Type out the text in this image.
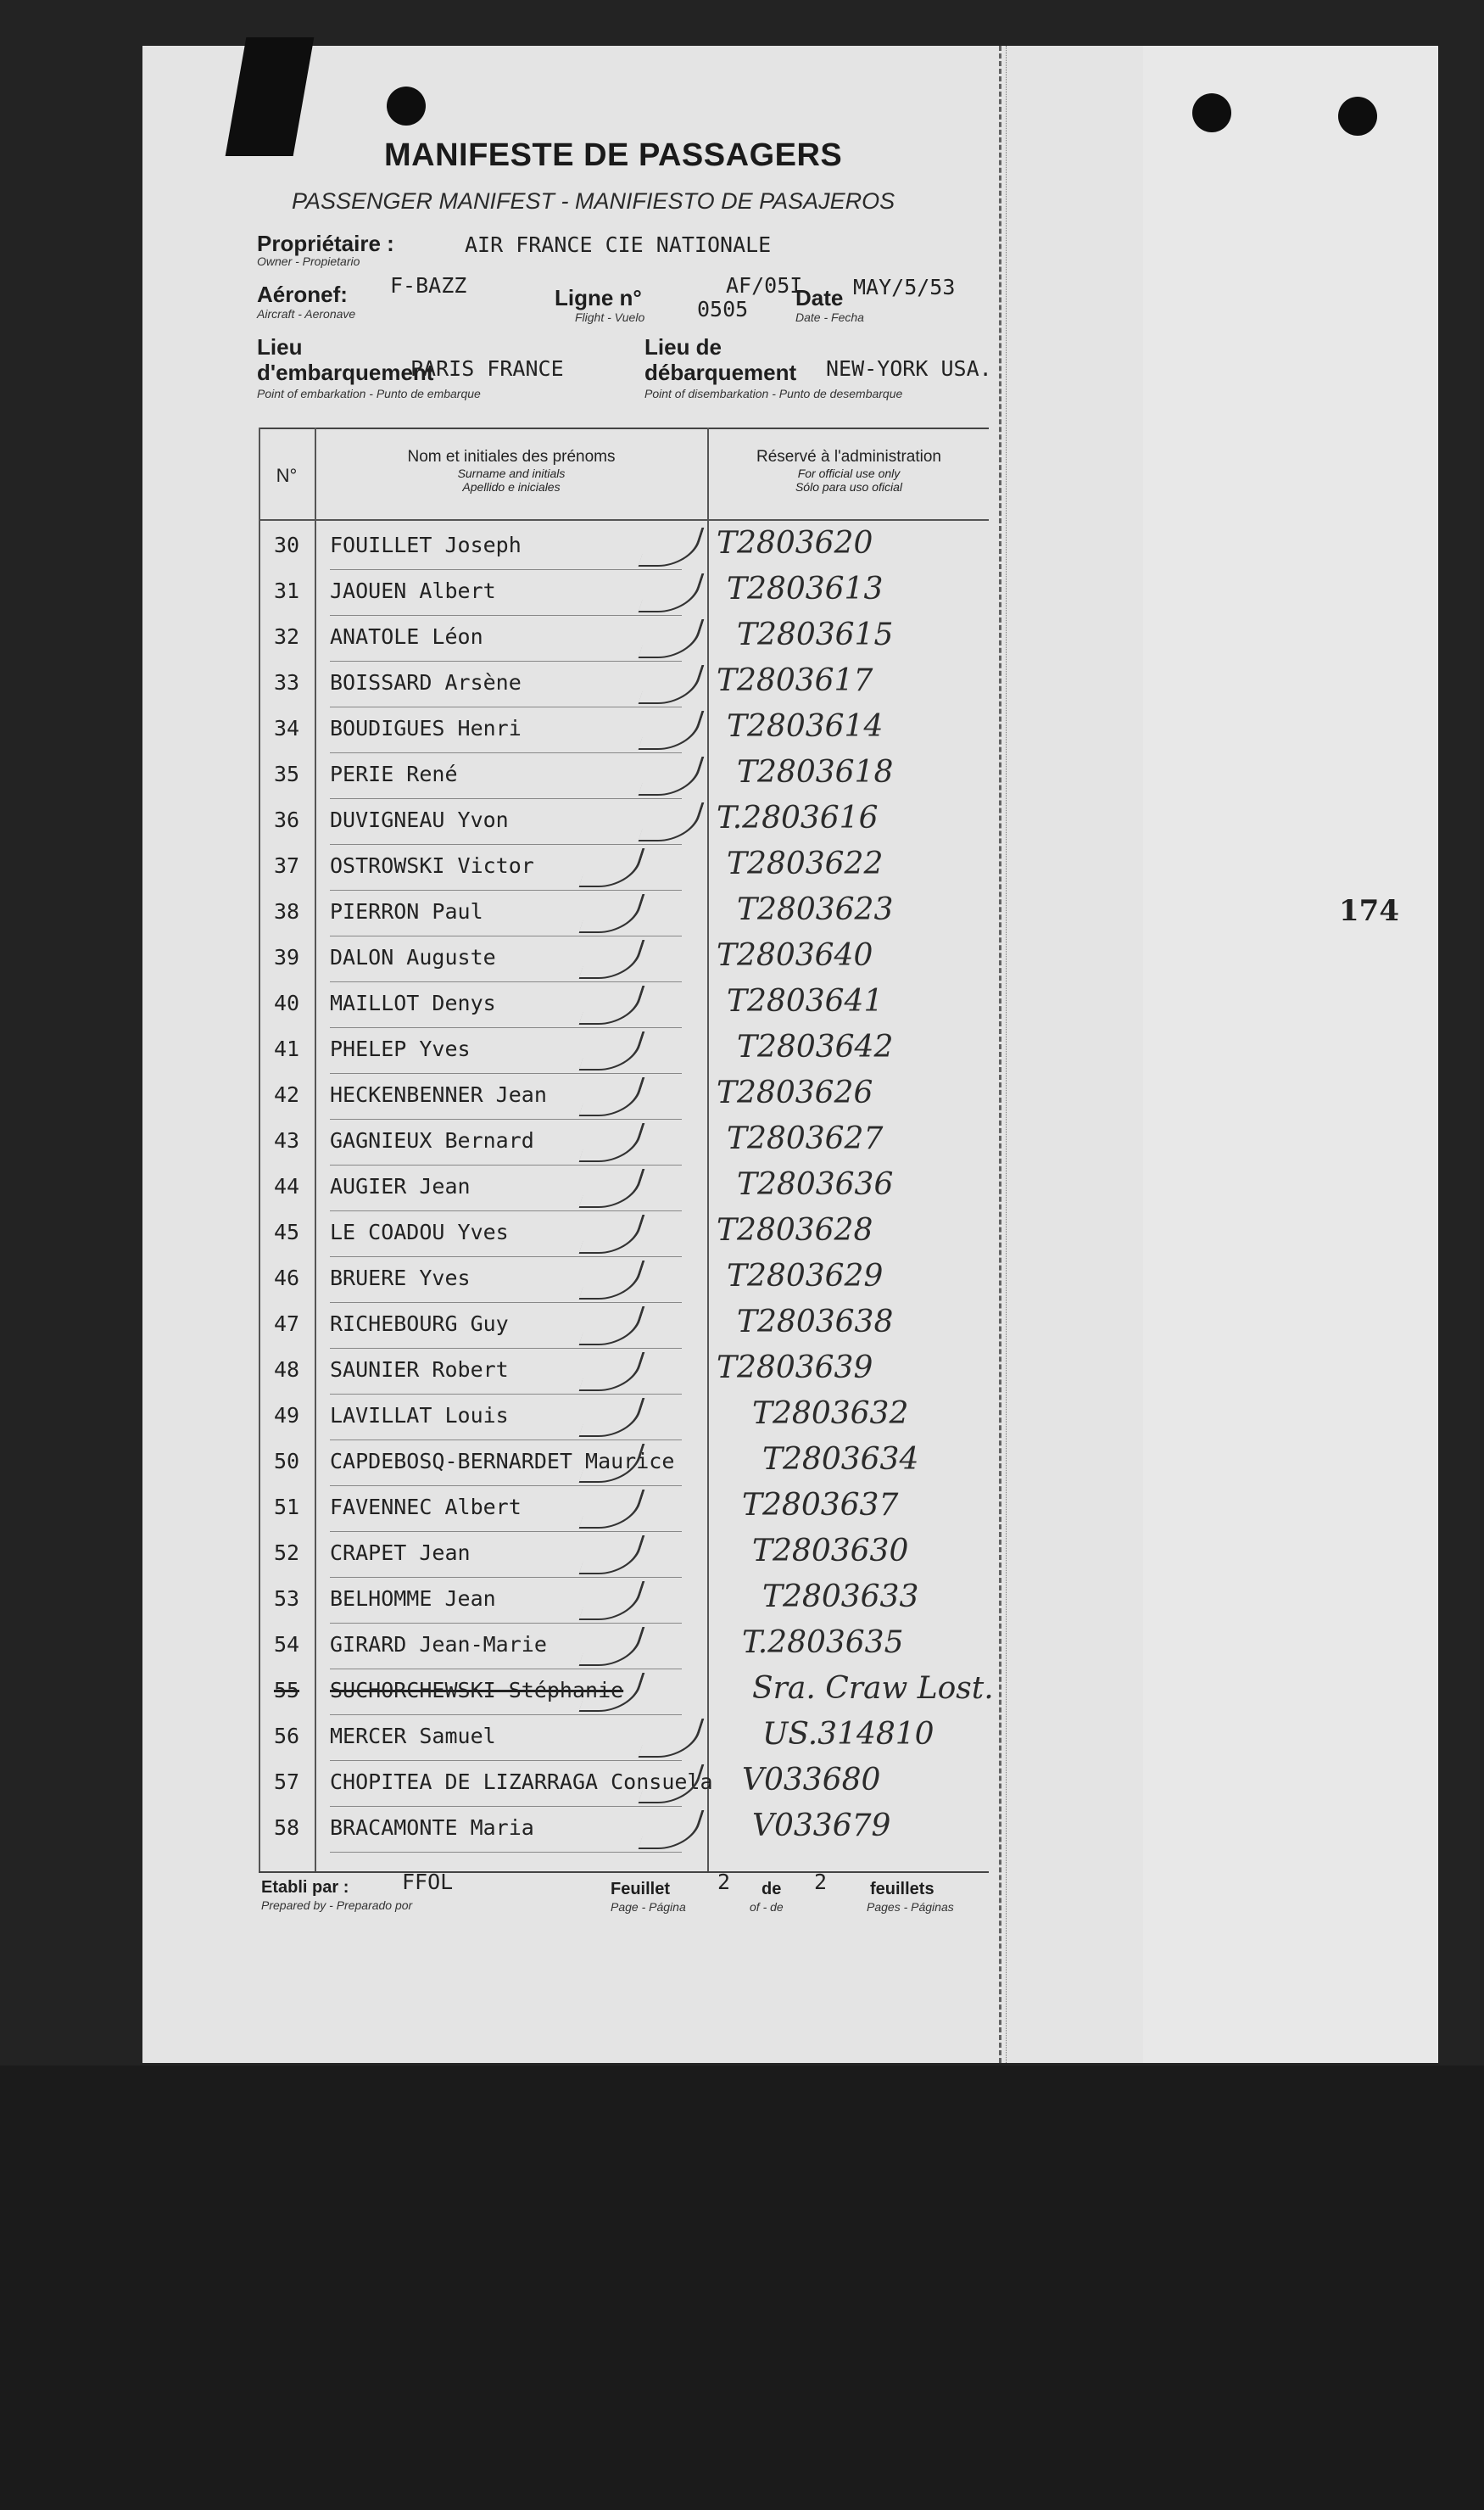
MANIFESTE DE PASSAGERS
PASSENGER MANIFEST - MANIFIESTO DE PASAJEROS
Propriétaire :
Owner - Propietario
AIR FRANCE CIE NATIONALE
Aéronef:
Aircraft - Aeronave
F-BAZZ	Ligne n°
Flight - Vuelo
AF/05I
0505 Date
Date - Fecha
MAY/5/53
Lieu
d'embarquement
Point of embarkation - Punto de embarque
PARIS FRANCE
Lieu de
débarquement
Point of disembarkation - Punto de desembarque
NEW-YORK USA.
N°
Nom et initiales des prénoms
Surname and initials
Apellido e iniciales
Réservé à l'administration
For official use only
Sólo para uso oficial
30	FOUILLET Joseph	T2803620
31	JAOUEN Albert	T2803613
32	ANATOLE Léon	T2803615
33	BOISSARD Arsène	T2803617
34	BOUDIGUES Henri	T2803614
35	PERIE René	T2803618
36	DUVIGNEAU Yvon	T.2803616
37	OSTROWSKI Victor	T2803622
38	PIERRON Paul	T2803623
39	DALON Auguste	T2803640
40	MAILLOT Denys	T2803641
41	PHELEP Yves	T2803642
42	HECKENBENNER Jean	T2803626
43	GAGNIEUX Bernard	T2803627
44	AUGIER Jean	T2803636
45	LE COADOU Yves	T2803628
46	BRUERE Yves	T2803629
47	RICHEBOURG Guy	T2803638
48	SAUNIER Robert	T2803639
49	LAVILLAT Louis	T2803632
50	CAPDEBOSQ-BERNARDET Maurice	T2803634
51	FAVENNEC Albert	T2803637
52	CRAPET Jean	T2803630
53	BELHOMME Jean	T2803633
54	GIRARD Jean-Marie	T.2803635
55	SUCHORCHEWSKI Stéphanie	Sra. Craw Lost.
56	MERCER Samuel	US.314810
57	CHOPITEA DE LIZARRAGA Consuela V033680
58	BRACAMONTE Maria	V033679
Etabli par :
Prepared by - Preparado por
FFOL	Feuillet
Page - Página
2 de
of - de
2	feuillets
Pages - Páginas
174
